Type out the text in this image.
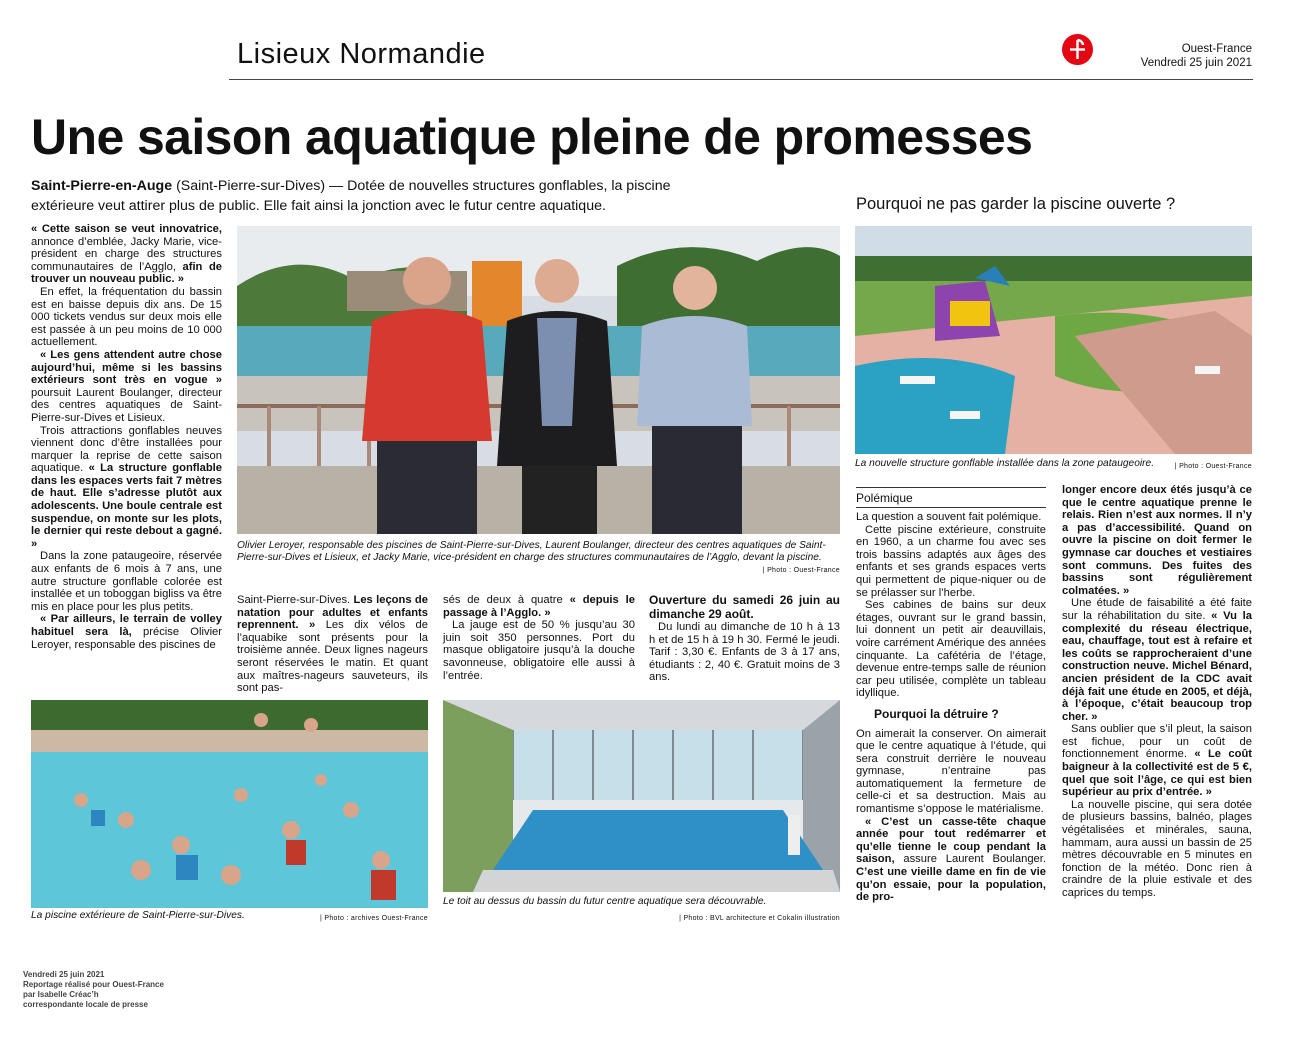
Lisieux Normandie	Ouest-France
Vendredi 25 juin 2021
Une saison aquatique pleine de promesses
Saint-Pierre-en-Auge (Saint-Pierre-sur-Dives) — Dotée de nouvelles structures gonflables, la piscine extérieure veut attirer plus de public. Elle fait ainsi la jonction avec le futur centre aquatique.	Pourquoi ne pas garder la piscine ouverte ?

« Cette saison se veut innovatrice, annonce d’emblée, Jacky Marie, vice-président en charge des structures communautaires de l’Agglo, afin de trouver un nouveau public. »

En effet, la fréquentation du bassin est en baisse depuis dix ans. De 15 000 tickets vendus sur deux mois elle est passée à un peu moins de 10 000 actuellement.

« Les gens attendent autre chose aujourd’hui, même si les bassins extérieurs sont très en vogue » poursuit Laurent Boulanger, directeur des centres aquatiques de Saint-Pierre-sur-Dives et Lisieux.

Trois attractions gonflables neuves viennent donc d’être installées pour marquer la reprise de cette saison aquatique. « La structure gonflable dans les espaces verts fait 7 mètres de haut. Elle s’adresse plutôt aux adolescents. Une boule centrale est suspendue, on monte sur les plots, le dernier qui reste debout a gagné. »

Dans la zone pataugeoire, réservée aux enfants de 6 mois à 7 ans, une autre structure gonflable colorée est installée et un toboggan bigliss va être mis en place pour les plus petits.

« Par ailleurs, le terrain de volley habituel sera là, précise Olivier Leroyer, responsable des piscines de

Olivier Leroyer, responsable des piscines de Saint-Pierre-sur-Dives, Laurent Boulanger, directeur des centres aquatiques de Saint-Pierre-sur-Dives et Lisieux, et Jacky Marie, vice-président en charge des structures communautaires de l’Agglo, devant la piscine.
| Photo : Ouest-France

Saint-Pierre-sur-Dives. Les leçons de natation pour adultes et enfants reprennent. » Les dix vélos de l’aquabike sont présents pour la troisième année. Deux lignes nageurs seront réservées le matin. Et quant aux maîtres-nageurs sauveteurs, ils sont pas-

sés de deux à quatre « depuis le passage à l’Agglo. »

La jauge est de 50 % jusqu’au 30 juin soit 350 personnes. Port du masque obligatoire jusqu’à la douche savonneuse, obligatoire elle aussi à l’entrée.

Ouverture du samedi 26 juin au dimanche 29 août.

Du lundi au dimanche de 10 h à 13 h et de 15 h à 19 h 30. Fermé le jeudi. Tarif : 3,30 €. Enfants de 3 à 17 ans, étudiants : 2, 40 €. Gratuit moins de 3 ans.

La piscine extérieure de Saint-Pierre-sur-Dives.	| Photo : archives Ouest-France
Le toit au dessus du bassin du futur centre aquatique sera découvrable.
| Photo : BVL architecture et Cokalin illustration
La nouvelle structure gonflable installée dans la zone pataugeoire.	| Photo : Ouest-France
Polémique

La question a souvent fait polémique.

Cette piscine extérieure, construite en 1960, a un charme fou avec ses trois bassins adaptés aux âges des enfants et ses grands espaces verts qui permettent de pique-niquer ou de se prélasser sur l’herbe.

Ses cabines de bains sur deux étages, ouvrant sur le grand bassin, lui donnent un petit air deauvillais, voire carrément Amérique des années cinquante. La cafétéria de l’étage, devenue entre-temps salle de réunion car peu utilisée, complète un tableau idyllique.

Pourquoi la détruire ?

On aimerait la conserver. On aimerait que le centre aquatique à l’étude, qui sera construit derrière le nouveau gymnase, n’entraine pas automatiquement la fermeture de celle-ci et sa destruction. Mais au romantisme s’oppose le matérialisme.

« C’est un casse-tête chaque année pour tout redémarrer et qu’elle tienne le coup pendant la saison, assure Laurent Boulanger. C’est une vieille dame en fin de vie qu’on essaie, pour la population, de pro-

longer encore deux étés jusqu’à ce que le centre aquatique prenne le relais. Rien n’est aux normes. Il n’y a pas d’accessibilité. Quand on ouvre la piscine on doit fermer le gymnase car douches et vestiaires sont communs. Des fuites des bassins sont régulièrement colmatées. »

Une étude de faisabilité a été faite sur la réhabilitation du site. « Vu la complexité du réseau électrique, eau, chauffage, tout est à refaire et les coûts se rapprocheraient d’une construction neuve. Michel Bénard, ancien président de la CDC avait déjà fait une étude en 2005, et déjà, à l’époque, c’était beaucoup trop cher. »

Sans oublier que s’il pleut, la saison est fichue, pour un coût de fonctionnement énorme. « Le coût baigneur à la collectivité est de 5 €, quel que soit l’âge, ce qui est bien supérieur au prix d’entrée. »

La nouvelle piscine, qui sera dotée de plusieurs bassins, balnéo, plages végétalisées et minérales, sauna, hammam, aura aussi un bassin de 25 mètres découvrable en 5 minutes en fonction de la météo. Donc rien à craindre de la pluie estivale et des caprices du temps.

Vendredi 25 juin 2021
Reportage réalisé pour Ouest-France
par Isabelle Créac’h
correspondante locale de presse
